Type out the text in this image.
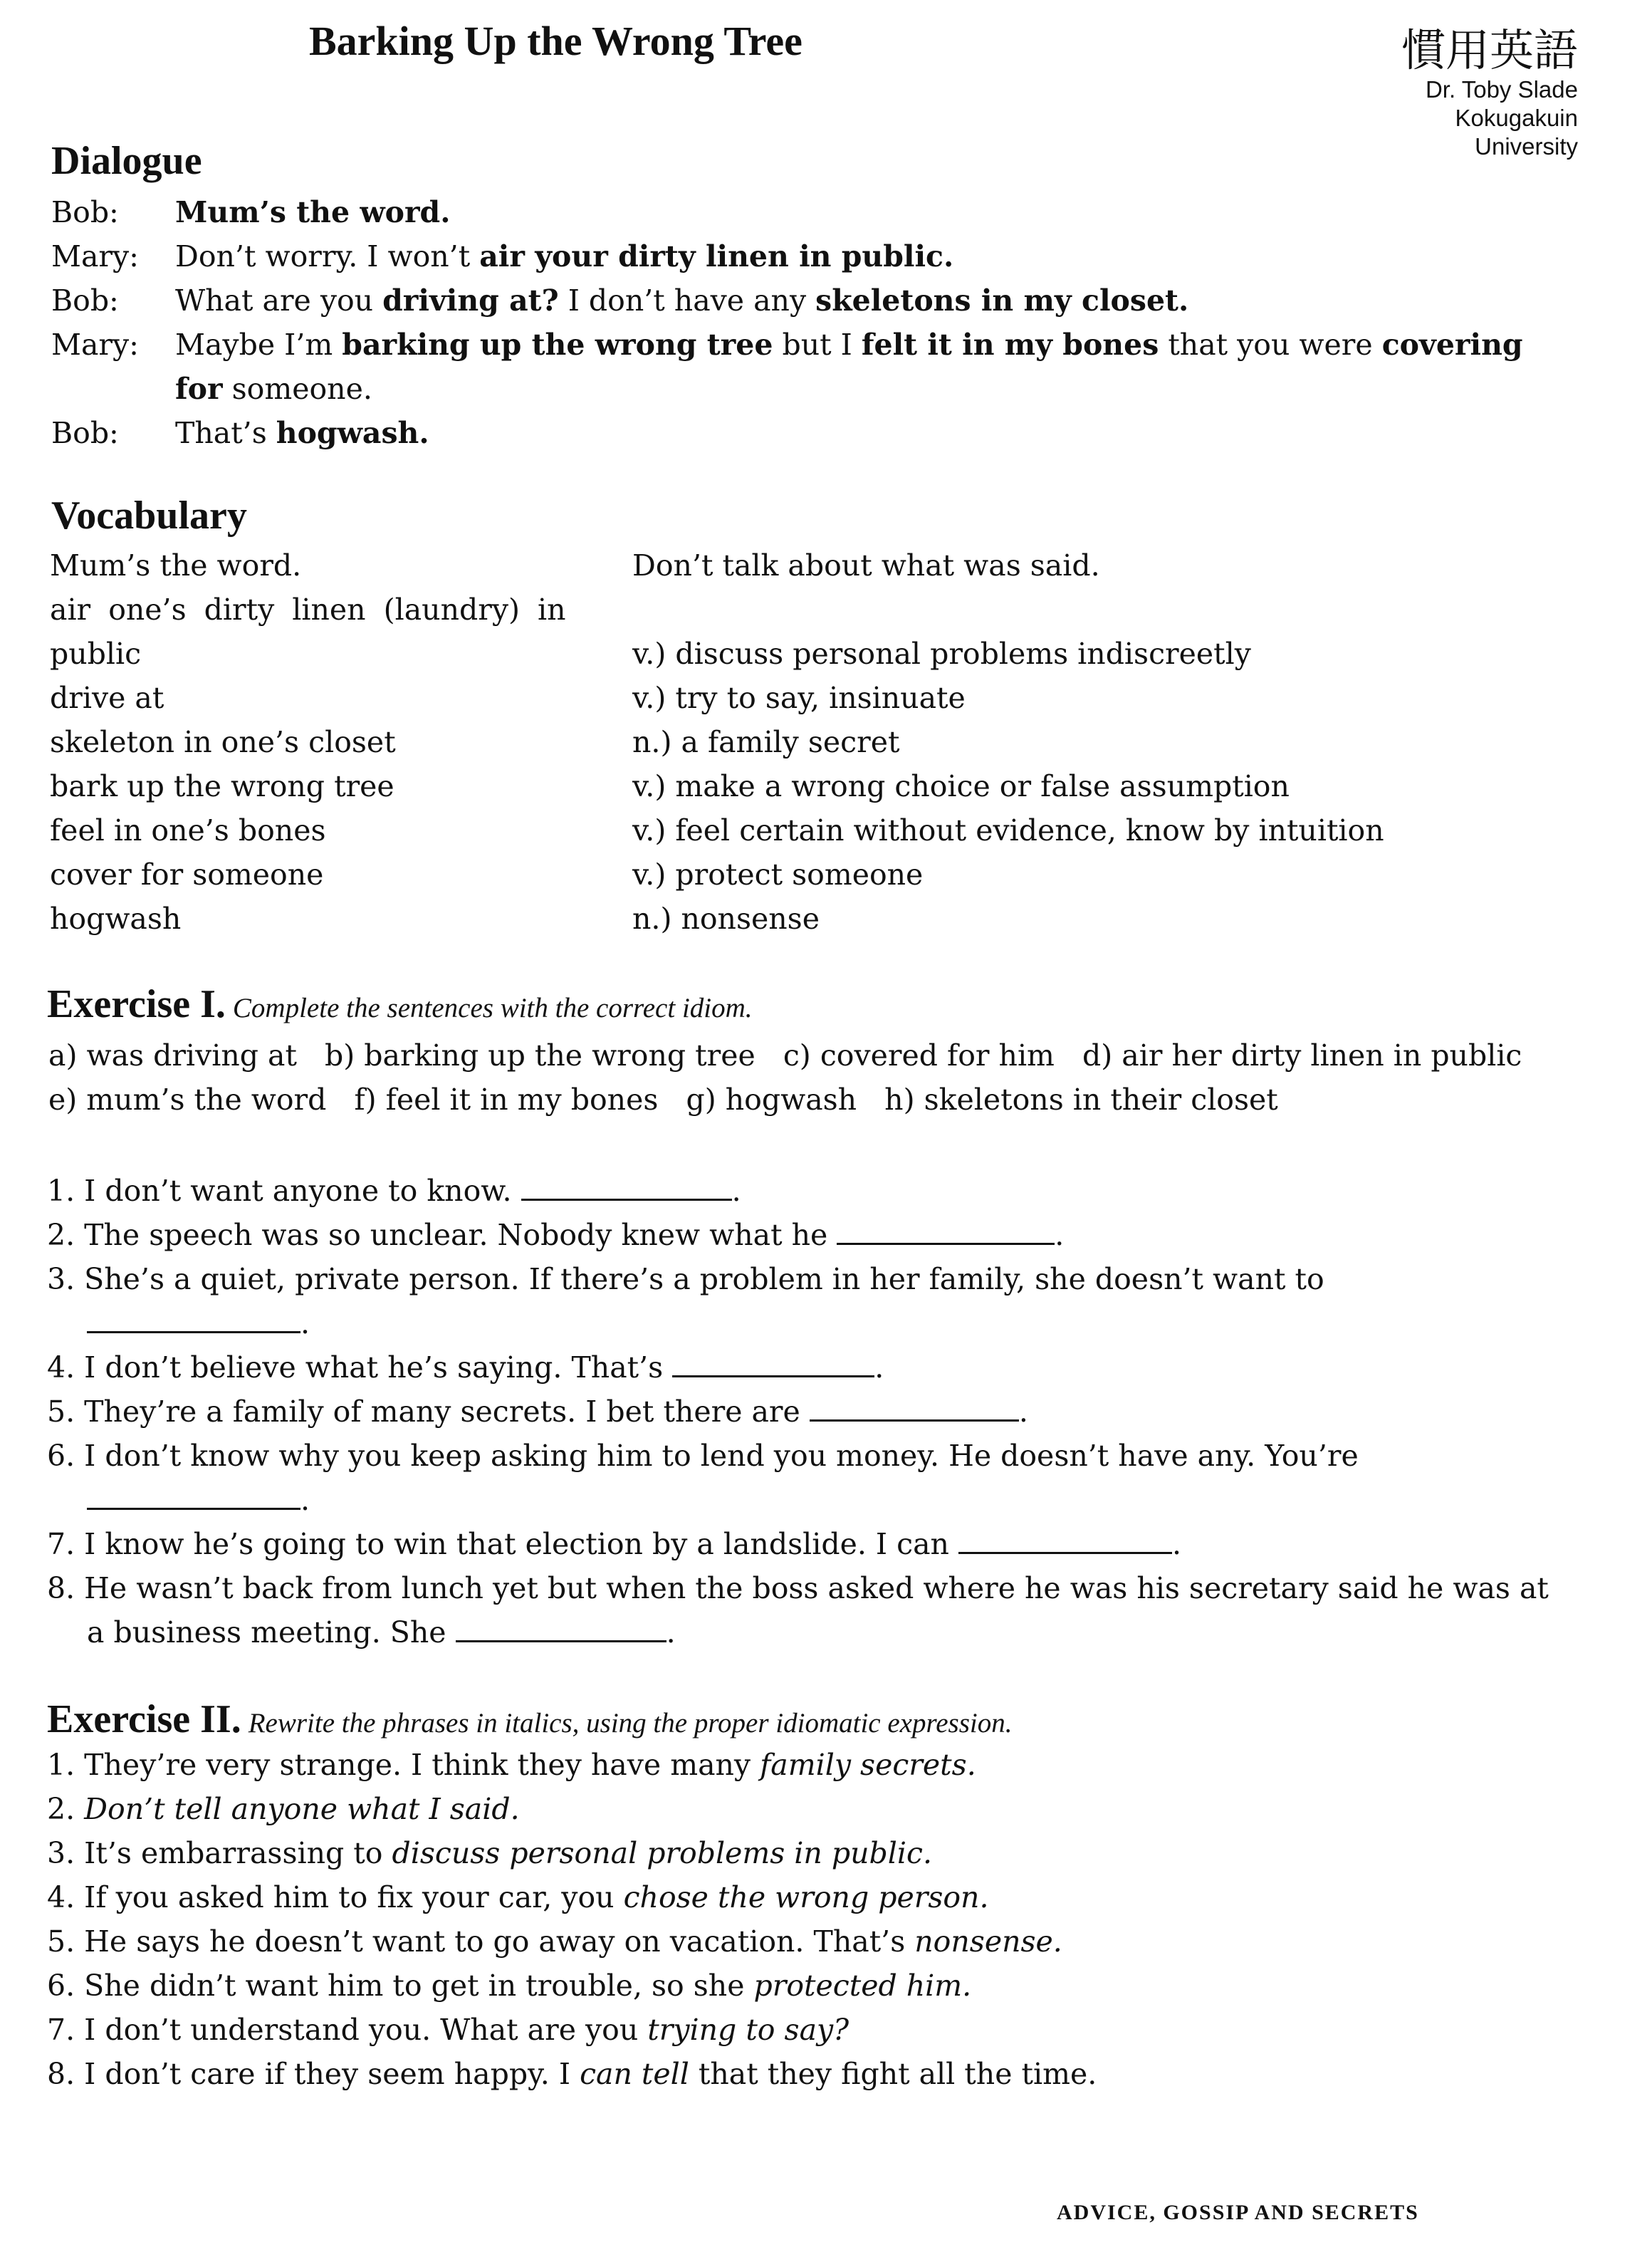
Barking Up the Wrong Tree	慣用英語
Dr. Toby Slade
Kokugakuin
University
Dialogue
Bob: Mum’s the word.
Mary: Don’t worry. I won’t air your dirty linen in public.
Bob: What are you driving at? I don’t have any skeletons in my closet.
Mary: Maybe I’m barking up the wrong tree but I felt it in my bones that you were covering
for someone.
Bob: That’s hogwash.
Vocabulary
Mum’s the word.	Don’t talk about what was said.
air one’s dirty linen (laundry) in
public	v.) discuss personal problems indiscreetly
drive at	v.) try to say, insinuate
skeleton in one’s closet	n.) a family secret
bark up the wrong tree	v.) make a wrong choice or false assumption
feel in one’s bones	v.) feel certain without evidence, know by intuition
cover for someone	v.) protect someone
hogwash	n.) nonsense
Exercise I. Complete the sentences with the correct idiom.
a) was driving at   b) barking up the wrong tree   c) covered for him   d) air her dirty linen in public
e) mum’s the word   f) feel it in my bones   g) hogwash   h) skeletons in their closet
1. I don’t want anyone to know.	.
2. The speech was so unclear. Nobody knew what he	.
3. She’s a quiet, private person. If there’s a problem in her family, she doesn’t want to
.
4. I don’t believe what he’s saying. That’s	.
5. They’re a family of many secrets. I bet there are	.
6. I don’t know why you keep asking him to lend you money. He doesn’t have any. You’re
.
7. I know he’s going to win that election by a landslide. I can	.
8. He wasn’t back from lunch yet but when the boss asked where he was his secretary said he was at
a business meeting. She	.
Exercise II. Rewrite the phrases in italics, using the proper idiomatic expression.
1. They’re very strange. I think they have many family secrets.
2. Don’t tell anyone what I said.
3. It’s embarrassing to discuss personal problems in public.
4. If you asked him to fix your car, you chose the wrong person.
5. He says he doesn’t want to go away on vacation. That’s nonsense.
6. She didn’t want him to get in trouble, so she protected him.
7. I don’t understand you. What are you trying to say?
8. I don’t care if they seem happy. I can tell that they fight all the time.
ADVICE, GOSSIP AND SECRETS
